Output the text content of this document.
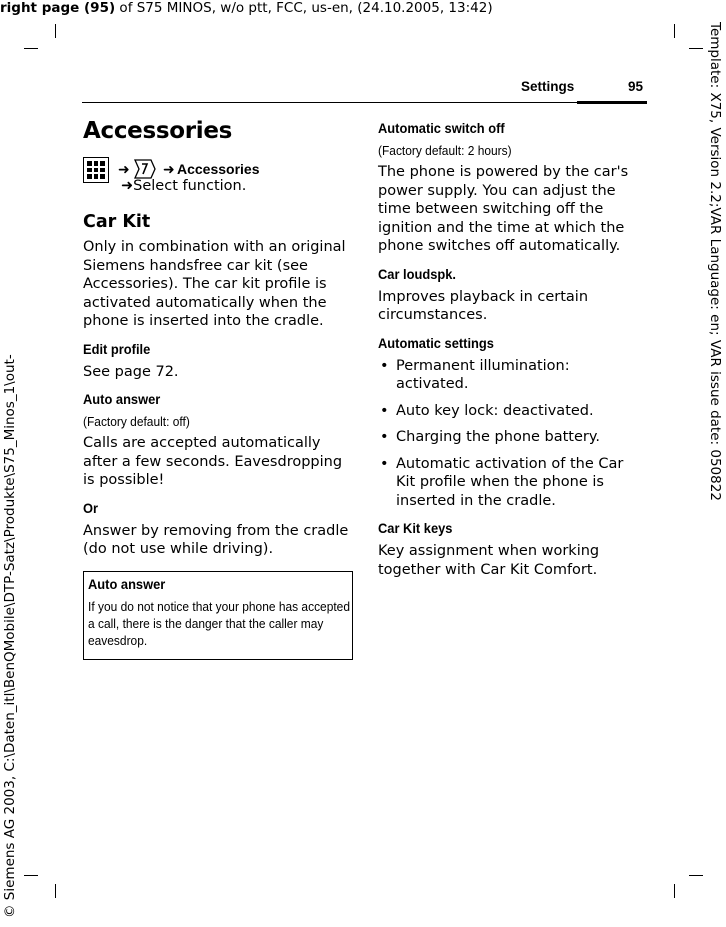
right page (95) of S75 MINOS, w/o ptt, FCC, us-en, (24.10.2005, 13:42)
© Siemens AG 2003, C:\Daten_itl\BenQMobile\DTP-Satz\Produkte\S75_Minos_1\out-
Template: X75, Version 2.2;VAR Language: en; VAR issue date: 050822
Settings	95
Accessories
➜ ➜ Accessories
➜Select function.
Car Kit
Only in combination with an original Siemens handsfree car kit (see Accessories). The car kit profile is activated automatically when the phone is inserted into the cradle.
Edit profile
See page 72.
Auto answer
(Factory default: off)
Calls are accepted automatically after a few seconds. Eavesdropping is possible!
Or
Answer by removing from the cradle (do not use while driving).
Auto answer
If you do not notice that your phone has accepted a call, there is the danger that the caller may eavesdrop.
Automatic switch off
(Factory default: 2 hours)
The phone is powered by the car's power supply. You can adjust the time between switching off the ignition and the time at which the phone switches off automatically.
Car loudspk.
Improves playback in certain circumstances.
Automatic settings
• Permanent illumination: activated.
• Auto key lock: deactivated.
• Charging the phone battery.
• Automatic activation of the Car Kit profile when the phone is inserted in the cradle.
Car Kit keys
Key assignment when working together with Car Kit Comfort.
